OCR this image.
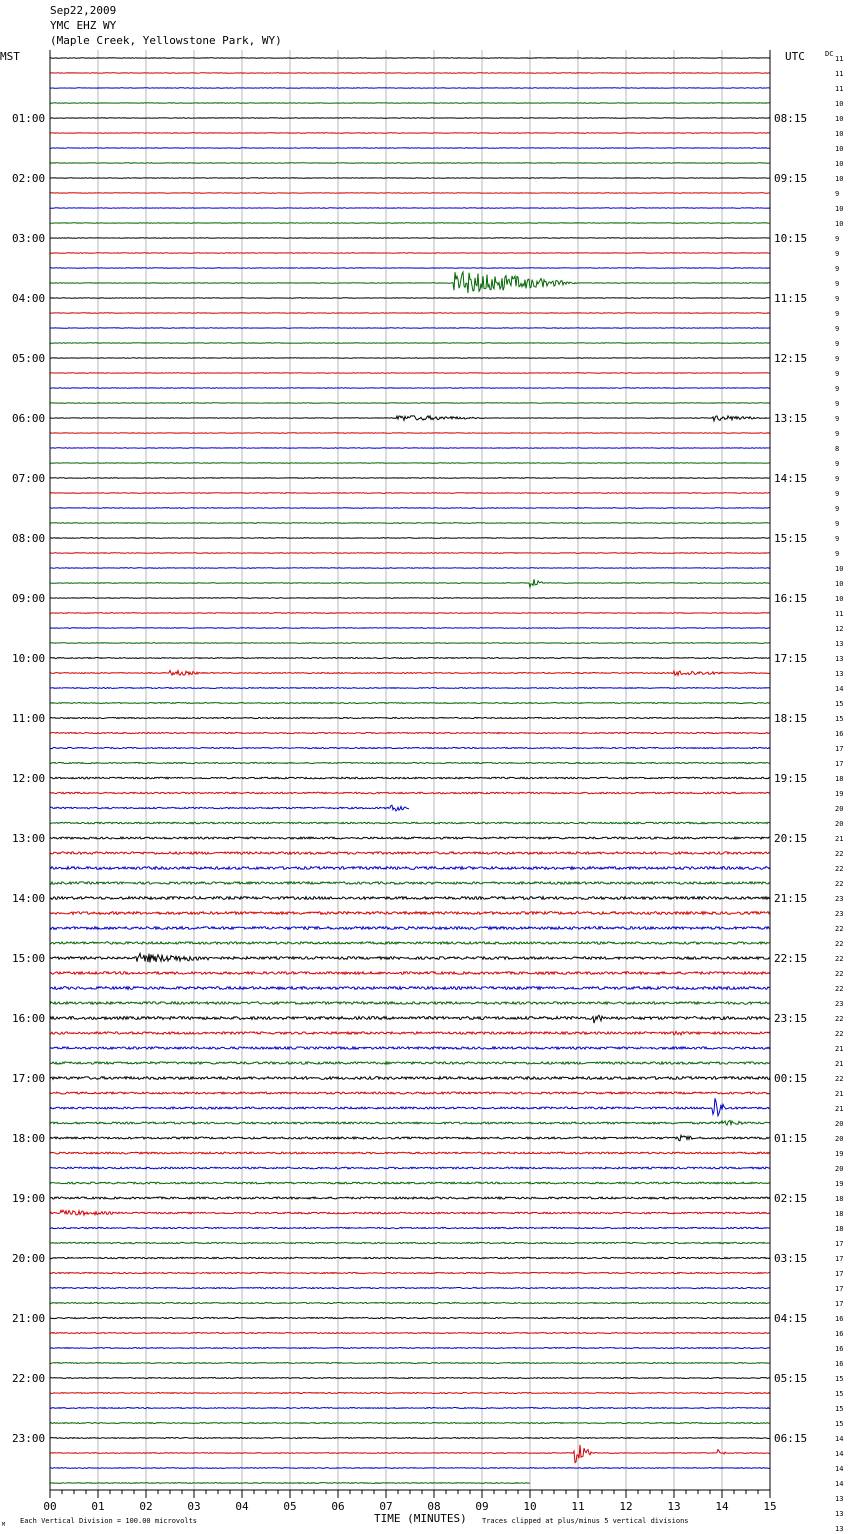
Sep22,2009
YMC EHZ WY
(Maple Creek, Yellowstone Park, WY)
00	01	02	03	04	05	06	07	08	09	10	11	12	13	14	15
01:00
02:00
03:00
04:00
05:00
06:00
07:00
08:00
09:00
10:00
11:00
12:00
13:00
14:00
15:00
16:00
17:00
18:00
19:00
20:00
21:00
22:00
23:00
08:15
09:15
10:15
11:15
12:15
13:15
14:15
15:15
16:15
17:15
18:15
19:15
20:15
21:15
22:15
23:15
00:15
01:15
02:15
03:15
04:15
05:15
06:15
11
11
11
10
10
10
10
10
10
9
10
10
9
9
9
9
9
9
9
9
9
9
9
9
9
9
8
9
9
9
9
9
9
9
10
10
10
11
12
13
13
13
14
15
15
16
17
17
18
19
20
20
21
22
22
22
23
23
22
22
22
22
22
23
22
22
21
21
22
21
21
20
20
19
20
19
18
18
18
17
17
17
17
17
16
16
16
16
15
15
15
15
14
14
14
14
13
13
13
MST	UTC	DC
TIME (MINUTES)
Each Vertical Division = 100.00 microvolts	Traces clipped at plus/minus 5 vertical divisions
M
